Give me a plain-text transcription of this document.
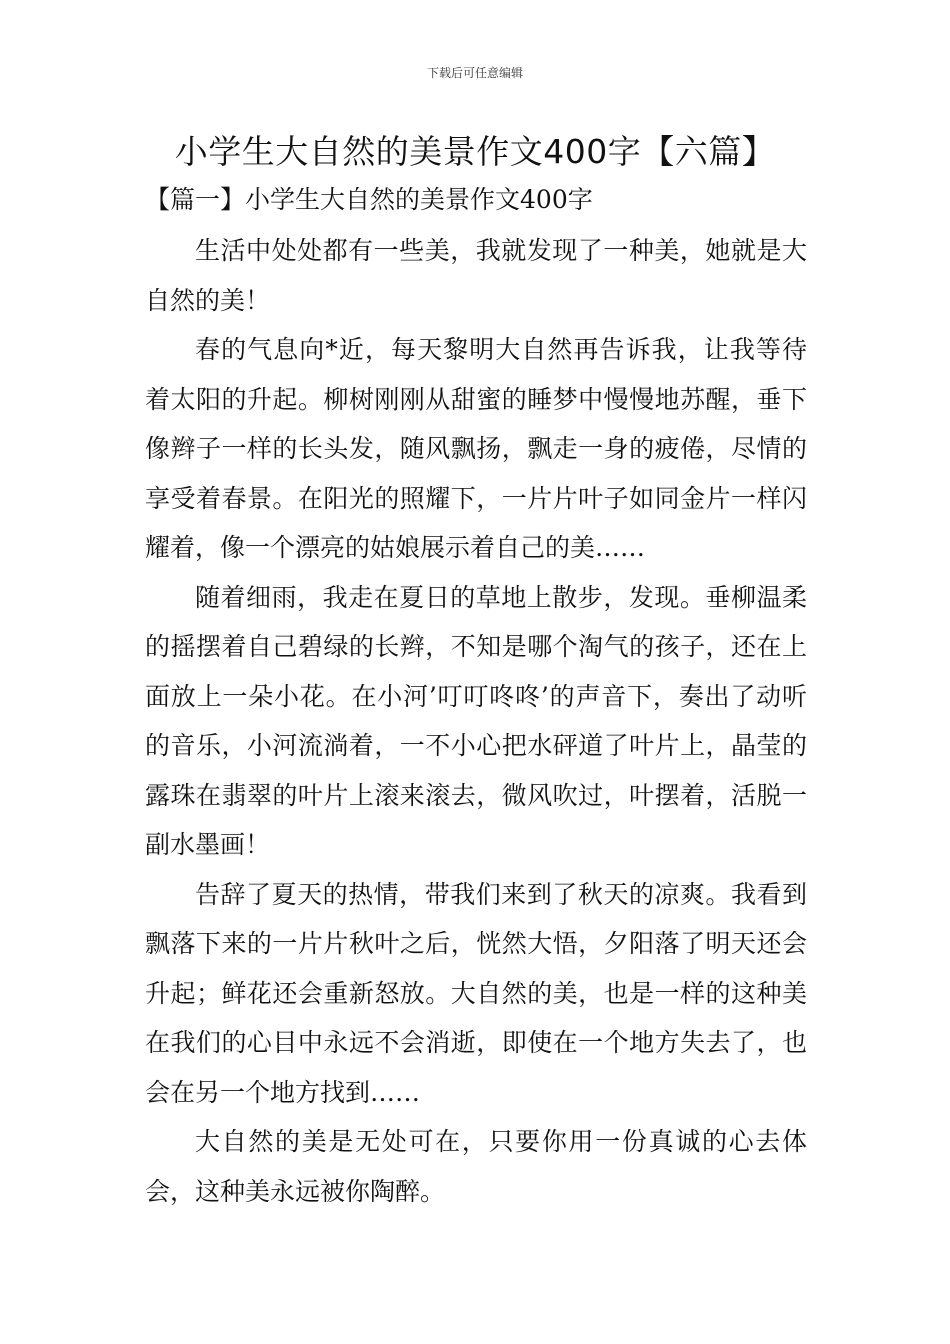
下载后可任意编辑
小学生大自然的美景作文400字【六篇】
【篇一】小学生大自然的美景作文400字

生活中处处都有一些美，我就发现了一种美，她就是大自然的美！

春的气息向*近，每天黎明大自然再告诉我，让我等待着太阳的升起。柳树刚刚从甜蜜的睡梦中慢慢地苏醒，垂下像辫子一样的长头发，随风飘扬，飘走一身的疲倦，尽情的享受着春景。在阳光的照耀下，一片片叶子如同金片一样闪耀着，像一个漂亮的姑娘展示着自己的美……

随着细雨，我走在夏日的草地上散步，发现。垂柳温柔的摇摆着自己碧绿的长辫，不知是哪个淘气的孩子，还在上面放上一朵小花。在小河’叮叮咚咚’的声音下，奏出了动听的音乐，小河流淌着，一不小心把水砰道了叶片上，晶莹的露珠在翡翠的叶片上滚来滚去，微风吹过，叶摆着，活脱一副水墨画！

告辞了夏天的热情，带我们来到了秋天的凉爽。我看到飘落下来的一片片秋叶之后，恍然大悟，夕阳落了明天还会升起；鲜花还会重新怒放。大自然的美，也是一样的这种美在我们的心目中永远不会消逝，即使在一个地方失去了，也会在另一个地方找到……

大自然的美是无处可在，只要你用一份真诚的心去体会，这种美永远被你陶醉。
